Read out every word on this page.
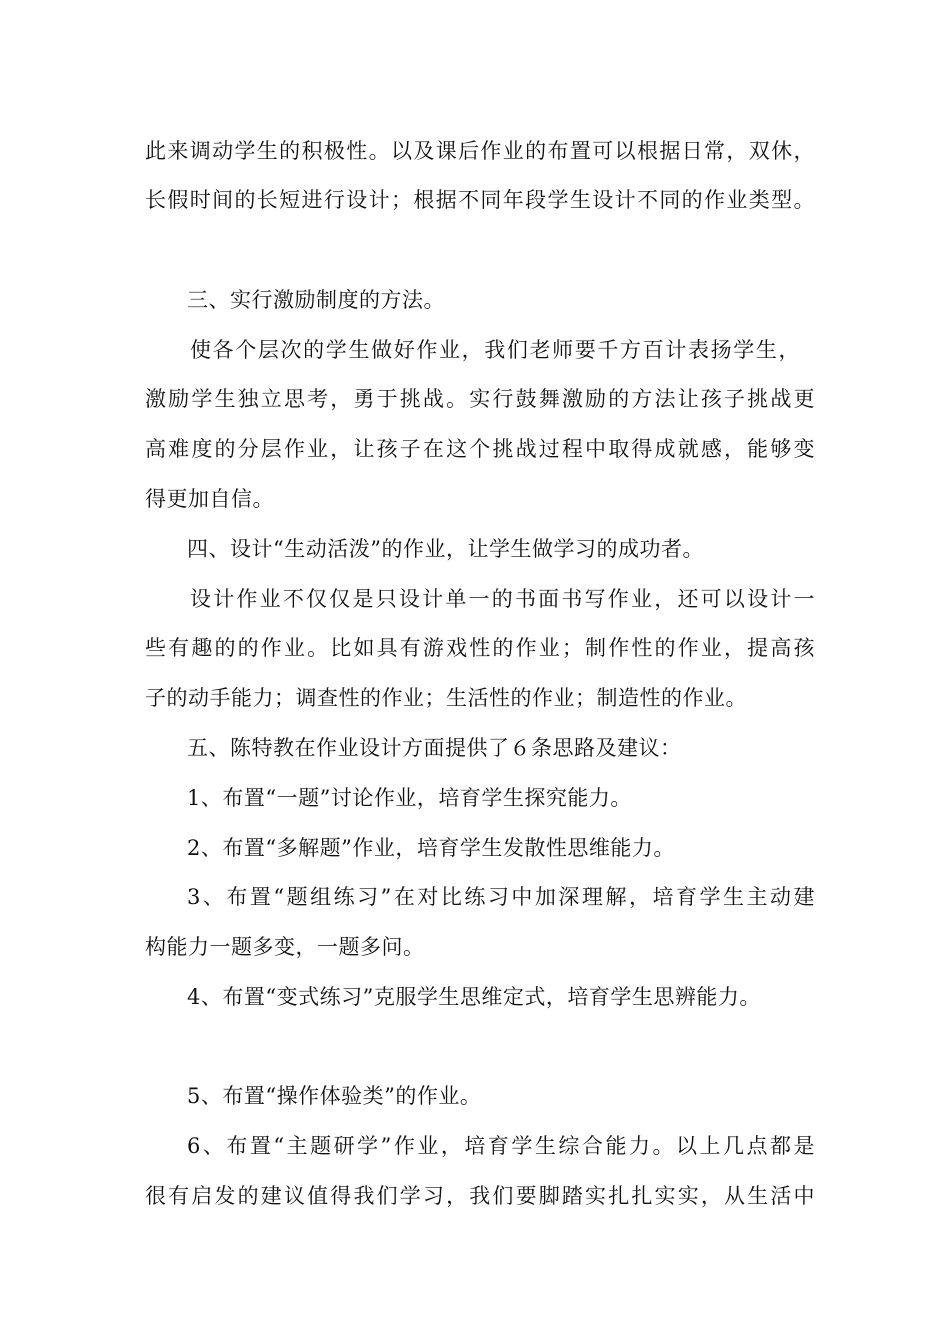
此来调动学生的积极性。以及课后作业的布置可以根据日常，双休，
长假时间的长短进行设计；根据不同年段学生设计不同的作业类型。
三、实行激励制度的方法。
使各个层次的学生做好作业，我们老师要千方百计表扬学生，
激励学生独立思考，勇于挑战。实行鼓舞激励的方法让孩子挑战更
高难度的分层作业，让孩子在这个挑战过程中取得成就感，能够变
得更加自信。
四、设计“生动活泼”的作业，让学生做学习的成功者。
设计作业不仅仅是只设计单一的书面书写作业，还可以设计一
些有趣的的作业。比如具有游戏性的作业；制作性的作业，提高孩
子的动手能力；调查性的作业；生活性的作业；制造性的作业。
五、陈特教在作业设计方面提供了６条思路及建议：
1、布置“一题”讨论作业，培育学生探究能力。
2、布置“多解题”作业，培育学生发散性思维能力。
3、布置“题组练习”在对比练习中加深理解，培育学生主动建
构能力一题多变，一题多问。
4、布置“变式练习”克服学生思维定式，培育学生思辨能力。
5、布置“操作体验类”的作业。
6、布置“主题研学”作业，培育学生综合能力。以上几点都是
很有启发的建议值得我们学习，我们要脚踏实扎扎实实，从生活中
